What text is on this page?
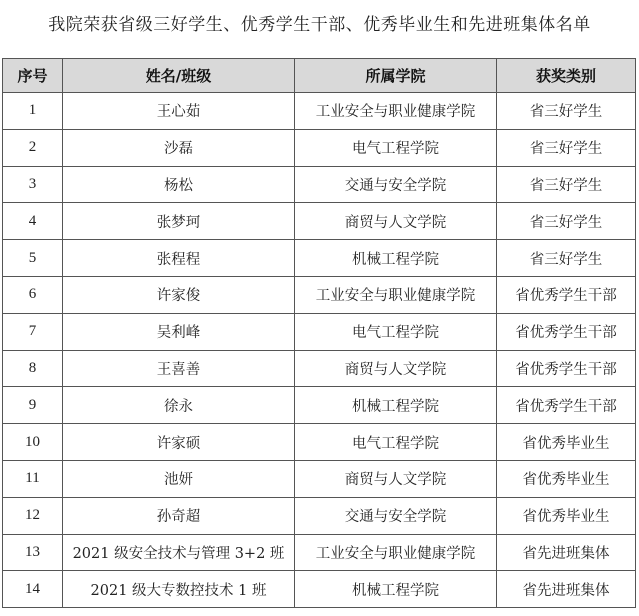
我院荣获省级三好学生、优秀学生干部、优秀毕业生和先进班集体名单
序号	姓名/班级	所属学院	获奖类别
1	王心茹	工业安全与职业健康学院	省三好学生
2	沙磊	电气工程学院	省三好学生
3	杨松	交通与安全学院	省三好学生
4	张梦珂	商贸与人文学院	省三好学生
5	张程程	机械工程学院	省三好学生
6	许家俊	工业安全与职业健康学院	省优秀学生干部
7	吴利峰	电气工程学院	省优秀学生干部
8	王喜善	商贸与人文学院	省优秀学生干部
9	徐永	机械工程学院	省优秀学生干部
10	许家硕	电气工程学院	省优秀毕业生
11	池妍	商贸与人文学院	省优秀毕业生
12	孙奇超	交通与安全学院	省优秀毕业生
13	2021 级安全技术与管理 3+2 班	工业安全与职业健康学院	省先进班集体
14	2021 级大专数控技术 1 班	机械工程学院	省先进班集体
